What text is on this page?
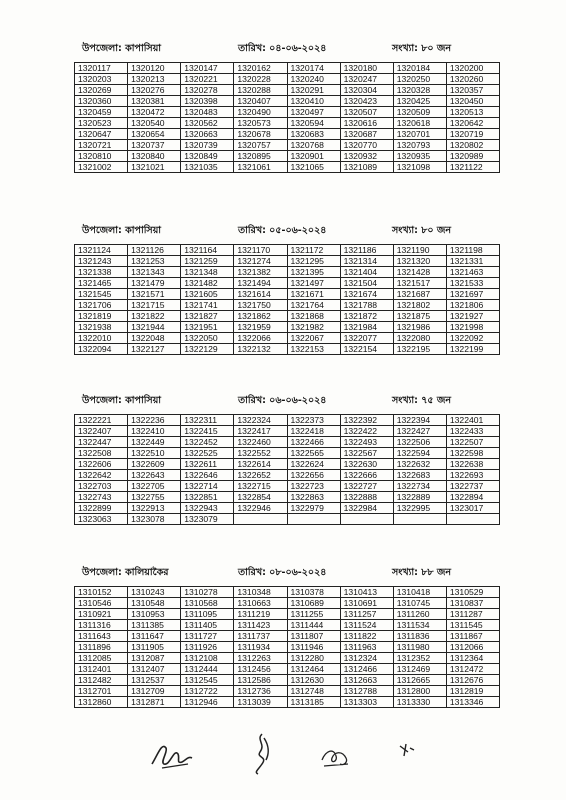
উপজেলা: কাপাসিয়া	তারিখ: ০৪-০৬-২০২৪	সংখ্যা: ৮০ জন
1320117	1320120	1320147	1320162	1320174	1320180	1320184	1320200
1320203	1320213	1320221	1320228	1320240	1320247	1320250	1320260
1320269	1320276	1320278	1320288	1320291	1320304	1320328	1320357
1320360	1320381	1320398	1320407	1320410	1320423	1320425	1320450
1320459	1320472	1320483	1320490	1320497	1320507	1320509	1320513
1320523	1320540	1320562	1320573	1320594	1320616	1320618	1320642
1320647	1320654	1320663	1320678	1320683	1320687	1320701	1320719
1320721	1320737	1320739	1320757	1320768	1320770	1320793	1320802
1320810	1320840	1320849	1320895	1320901	1320932	1320935	1320989
1321002	1321021	1321035	1321061	1321065	1321089	1321098	1321122
উপজেলা: কাপাসিয়া	তারিখ: ০৫-০৬-২০২৪	সংখ্যা: ৮০ জন
1321124	1321126	1321164	1321170	1321172	1321186	1321190	1321198
1321243	1321253	1321259	1321274	1321295	1321314	1321320	1321331
1321338	1321343	1321348	1321382	1321395	1321404	1321428	1321463
1321465	1321479	1321482	1321494	1321497	1321504	1321517	1321533
1321545	1321571	1321605	1321614	1321671	1321674	1321687	1321697
1321706	1321715	1321741	1321750	1321764	1321788	1321802	1321806
1321819	1321822	1321827	1321862	1321868	1321872	1321875	1321927
1321938	1321944	1321951	1321959	1321982	1321984	1321986	1321998
1322010	1322048	1322050	1322066	1322067	1322077	1322080	1322092
1322094	1322127	1322129	1322132	1322153	1322154	1322195	1322199
উপজেলা: কাপাসিয়া	তারিখ: ০৬-০৬-২০২৪	সংখ্যা: ৭৫ জন
1322221	1322236	1322311	1322324	1322373	1322392	1322394	1322401
1322407	1322410	1322415	1322417	1322418	1322422	1322427	1322433
1322447	1322449	1322452	1322460	1322466	1322493	1322506	1322507
1322508	1322510	1322525	1322552	1322565	1322567	1322594	1322598
1322606	1322609	1322611	1322614	1322624	1322630	1322632	1322638
1322642	1322643	1322646	1322652	1322656	1322666	1322683	1322693
1322703	1322705	1322714	1322715	1322723	1322727	1322734	1322737
1322743	1322755	1322851	1322854	1322863	1322888	1322889	1322894
1322899	1322913	1322943	1322946	1322979	1322984	1322995	1323017
1323063	1323078	1323079					
উপজেলা: কালিয়াকৈর	তারিখ: ০৮-০৬-২০২৪	সংখ্যা: ৮৮ জন
1310152	1310243	1310278	1310348	1310378	1310413	1310418	1310529
1310546	1310548	1310568	1310663	1310689	1310691	1310745	1310837
1310921	1310953	1311095	1311219	1311255	1311257	1311260	1311287
1311316	1311385	1311405	1311423	1311444	1311524	1311534	1311545
1311643	1311647	1311727	1311737	1311807	1311822	1311836	1311867
1311896	1311905	1311926	1311934	1311946	1311963	1311980	1312066
1312085	1312087	1312108	1312263	1312280	1312324	1312352	1312364
1312401	1312407	1312444	1312456	1312464	1312466	1312469	1312472
1312482	1312537	1312545	1312586	1312630	1312663	1312665	1312676
1312701	1312709	1312722	1312736	1312748	1312788	1312800	1312819
1312860	1312871	1312946	1313039	1313185	1313303	1313330	1313346
